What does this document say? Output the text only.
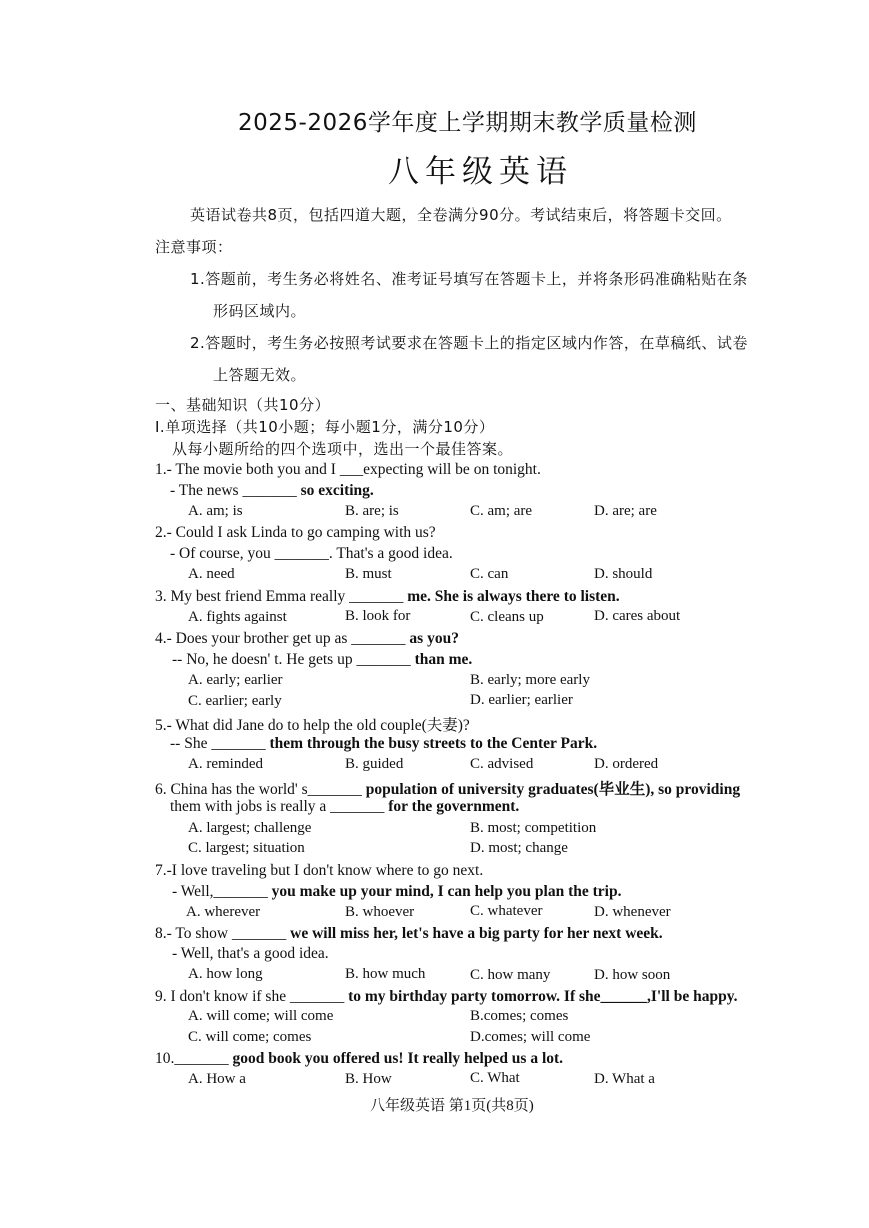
2025-2026学年度上学期期末教学质量检测
八年级英语
英语试卷共8页，包括四道大题，全卷满分90分。考试结束后，将答题卡交回。
注意事项：
1.答题前，考生务必将姓名、准考证号填写在答题卡上，并将条形码准确粘贴在条
形码区域内。
2.答题时，考生务必按照考试要求在答题卡上的指定区域内作答，在草稿纸、试卷
上答题无效。
一、基础知识（共10分）
I.单项选择（共10小题；每小题1分，满分10分）
从每小题所给的四个选项中，选出一个最佳答案。
1.- The movie both you and I ___expecting will be on tonight.
- The news _______ so exciting.
A. am; is	B. are; is	C. am; are	D. are; are
2.- Could I ask Linda to go camping with us?
- Of course, you _______. That's a good idea.
A. need	B. must	C. can	D. should
3. My best friend Emma really _______ me. She is always there to listen.
A. fights against	B. look for	C. cleans up	D. cares about
4.- Does your brother get up as _______ as you?
-- No, he doesn' t. He gets up _______ than me.
A. early; earlier	B. early; more early
C. earlier; early	D. earlier; earlier
5.- What did Jane do to help the old couple(夫妻)?
-- She _______ them through the busy streets to the Center Park.
A. reminded	B. guided	C. advised	D. ordered
6. China has the world' s_______ population of university graduates(毕业生), so providing
them with jobs is really a _______ for the government.
A. largest; challenge	B. most; competition
C. largest; situation	D. most; change
7.-I love traveling but I don't know where to go next.
- Well,_______ you make up your mind, I can help you plan the trip.
A. wherever	B. whoever	C. whatever	D. whenever
8.- To show _______ we will miss her, let's have a big party for her next week.
- Well, that's a good idea.
A. how long	B. how much	C. how many	D. how soon
9. I don't know if she _______ to my birthday party tomorrow. If she______,I'll be happy.
A. will come; will come	B.comes; comes
C. will come; comes	D.comes; will come
10._______ good book you offered us! It really helped us a lot.
A. How a	B. How	C. What	D. What a
八年级英语 第1页(共8页)
